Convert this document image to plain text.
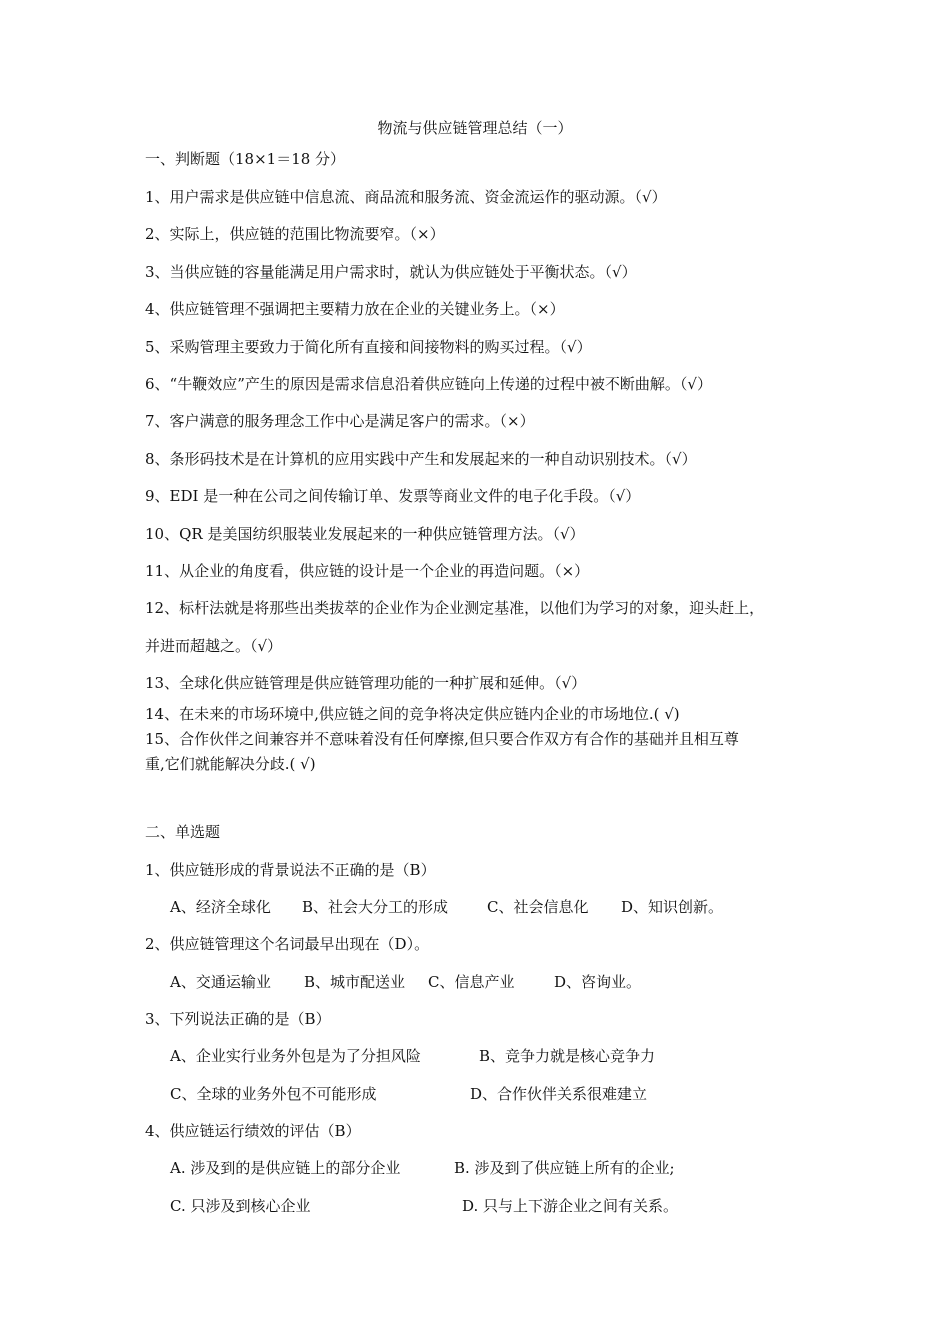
物流与供应链管理总结（一）
一、判断题（18×1＝18 分）
1、用户需求是供应链中信息流、商品流和服务流、资金流运作的驱动源。（√）
2、实际上，供应链的范围比物流要窄。（×）
3、当供应链的容量能满足用户需求时，就认为供应链处于平衡状态。（√）
4、供应链管理不强调把主要精力放在企业的关键业务上。（×）
5、采购管理主要致力于简化所有直接和间接物料的购买过程。（√）
6、“牛鞭效应”产生的原因是需求信息沿着供应链向上传递的过程中被不断曲解。（√）
7、客户满意的服务理念工作中心是满足客户的需求。（×）
8、条形码技术是在计算机的应用实践中产生和发展起来的一种自动识别技术。（√）
9、EDI 是一种在公司之间传输订单、发票等商业文件的电子化手段。（√）
10、QR 是美国纺织服装业发展起来的一种供应链管理方法。（√）
11、从企业的角度看，供应链的设计是一个企业的再造问题。（×）
12、标杆法就是将那些出类拔萃的企业作为企业测定基准，以他们为学习的对象，迎头赶上，
并进而超越之。（√）
13、全球化供应链管理是供应链管理功能的一种扩展和延伸。（√）
14、在未来的市场环境中,供应链之间的竞争将决定供应链内企业的市场地位.( √)
15、合作伙伴之间兼容并不意味着没有任何摩擦,但只要合作双方有合作的基础并且相互尊
重,它们就能解决分歧.( √)
二、单选题
1、供应链形成的背景说法不正确的是（B）
A、经济全球化 B、社会大分工的形成	C、社会信息化 D、知识创新。
2、供应链管理这个名词最早出现在（D）。
A、交通运输业 B、城市配送业 C、信息产业	D、咨询业。
3、下列说法正确的是（B）
A、企业实行业务外包是为了分担风险	B、竞争力就是核心竞争力
C、全球的业务外包不可能形成	D、合作伙伴关系很难建立
4、供应链运行绩效的评估（B）
A. 涉及到的是供应链上的部分企业	B. 涉及到了供应链上所有的企业;
C. 只涉及到核心企业	D. 只与上下游企业之间有关系。
